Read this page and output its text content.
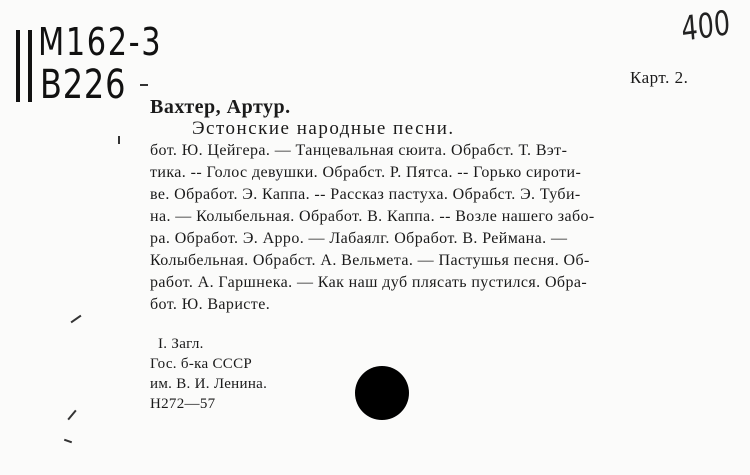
М162-3
В226
400
Карт. 2.
Вахтер, Артур.
Эстонские народные песни.

бот. Ю. Цейгера. — Танцевальная сюита. Обрабст. Т. Вэт-

тика. -- Голос девушки. Обрабст. Р. Пятса. -- Горько сироти-

ве. Обработ. Э. Каппа. -- Рассказ пастуха. Обрабст. Э. Туби-

на. — Колыбельная. Обработ. В. Каппа. -- Возле нашего забо-

ра. Обработ. Э. Арро. — Лабаялг. Обработ. В. Реймана. —

Колыбельная. Обрабст. А. Вельмета. — Пастушья песня. Об-

работ. А. Гаршнека. — Как наш дуб плясать пустился. Обра-

бот. Ю. Варисте.

I. Загл.
Гос. б-ка СССР
им. В. И. Ленина.
Н272—57
